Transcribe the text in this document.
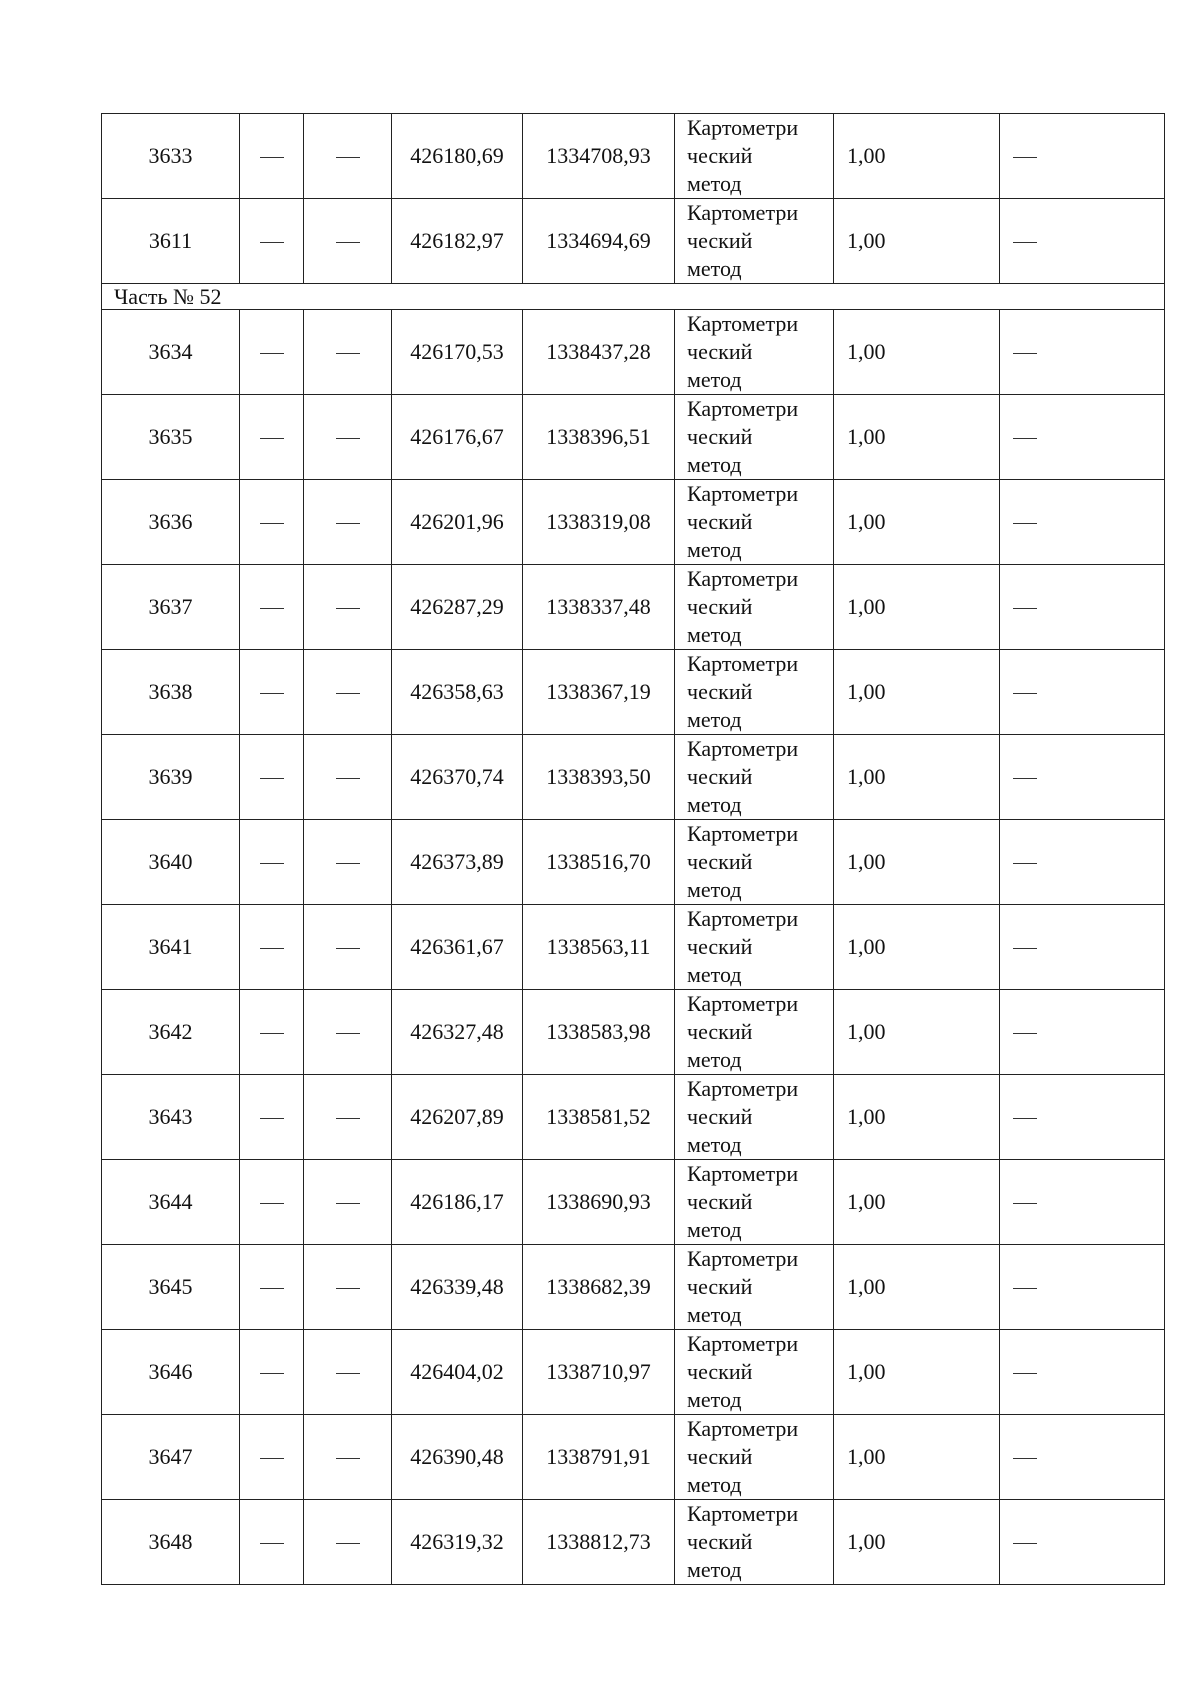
3633			426180,69	1334708,93	Картометри
ческий
метод	1,00	
3611			426182,97	1334694,69	Картометри
ческий
метод	1,00	
Часть № 52							
3634			426170,53	1338437,28	Картометри
ческий
метод	1,00	
3635			426176,67	1338396,51	Картометри
ческий
метод	1,00	
3636			426201,96	1338319,08	Картометри
ческий
метод	1,00	
3637			426287,29	1338337,48	Картометри
ческий
метод	1,00	
3638			426358,63	1338367,19	Картометри
ческий
метод	1,00	
3639			426370,74	1338393,50	Картометри
ческий
метод	1,00	
3640			426373,89	1338516,70	Картометри
ческий
метод	1,00	
3641			426361,67	1338563,11	Картометри
ческий
метод	1,00	
3642			426327,48	1338583,98	Картометри
ческий
метод	1,00	
3643			426207,89	1338581,52	Картометри
ческий
метод	1,00	
3644			426186,17	1338690,93	Картометри
ческий
метод	1,00	
3645			426339,48	1338682,39	Картометри
ческий
метод	1,00	
3646			426404,02	1338710,97	Картометри
ческий
метод	1,00	
3647			426390,48	1338791,91	Картометри
ческий
метод	1,00	
3648			426319,32	1338812,73	Картометри
ческий
метод	1,00	
